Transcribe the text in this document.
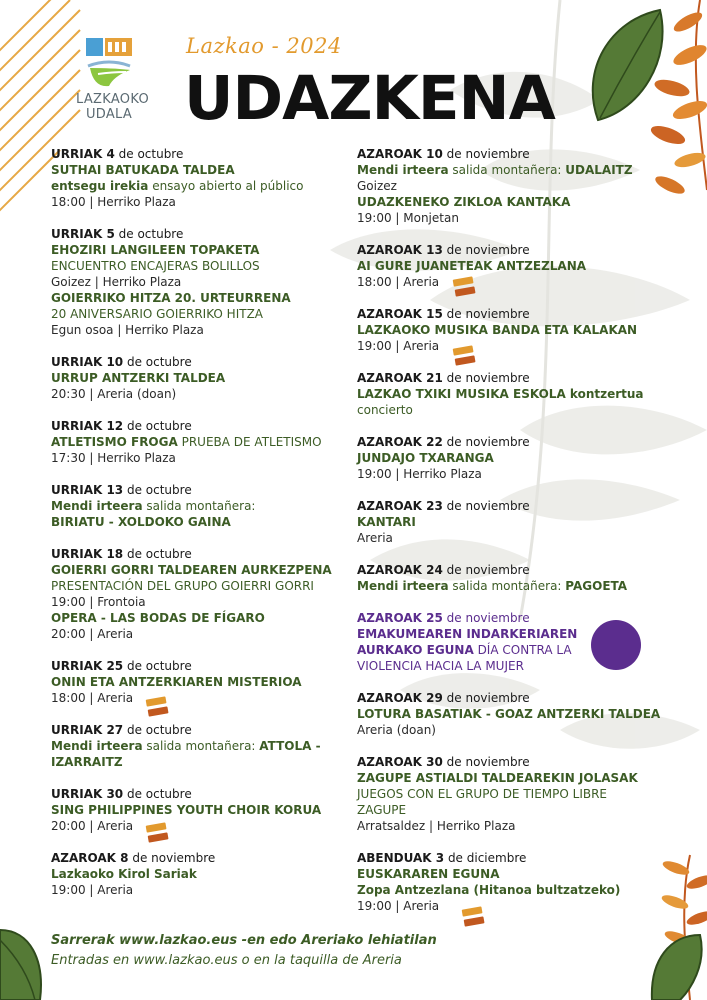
LAZKAOKO
UDALA
Lazkao - 2024
UDAZKENA
URRIAK 4 de octubre
SUTHAI BATUKADA TALDEA
entsegu irekia ensayo abierto al público
18:00 | Herriko Plaza
URRIAK 5 de octubre
EHOZIRI LANGILEEN TOPAKETA
ENCUENTRO ENCAJERAS BOLILLOS
Goizez | Herriko Plaza
GOIERRIKO HITZA 20. URTEURRENA
20 ANIVERSARIO GOIERRIKO HITZA
Egun osoa | Herriko Plaza
URRIAK 10 de octubre
URRUP ANTZERKI TALDEA
20:30 | Areria (doan)
URRIAK 12 de octubre
ATLETISMO FROGA PRUEBA DE ATLETISMO
17:30 | Herriko Plaza
URRIAK 13 de octubre
Mendi irteera salida montañera:
BIRIATU - XOLDOKO GAINA
URRIAK 18 de octubre
GOIERRI GORRI TALDEAREN AURKEZPENA
PRESENTACIÓN DEL GRUPO GOIERRI GORRI
19:00 | Frontoia
OPERA - LAS BODAS DE FÍGARO
20:00 | Areria
URRIAK 25 de octubre
ONIN ETA ANTZERKIAREN MISTERIOA
18:00 | Areria
URRIAK 27 de octubre
Mendi irteera salida montañera: ATTOLA -
IZARRAITZ
URRIAK 30 de octubre
SING PHILIPPINES YOUTH CHOIR KORUA
20:00 | Areria
AZAROAK 8 de noviembre
Lazkaoko Kirol Sariak
19:00 | Areria
AZAROAK 10 de noviembre
Mendi irteera salida montañera: UDALAITZ
Goizez
UDAZKENEKO ZIKLOA KANTAKA
19:00 | Monjetan
AZAROAK 13 de noviembre
AI GURE JUANETEAK ANTZEZLANA
18:00 | Areria
AZAROAK 15 de noviembre
LAZKAOKO MUSIKA BANDA ETA KALAKAN
19:00 | Areria
AZAROAK 21 de noviembre
LAZKAO TXIKI MUSIKA ESKOLA kontzertua
concierto
AZAROAK 22 de noviembre
JUNDAJO TXARANGA
19:00 | Herriko Plaza
AZAROAK 23 de noviembre
KANTARI
Areria
AZAROAK 24 de noviembre
Mendi irteera salida montañera: PAGOETA
AZAROAK 25 de noviembre
EMAKUMEAREN INDARKERIAREN
AURKAKO EGUNA DÍA CONTRA LA
VIOLENCIA HACIA LA MUJER
AZAROAK 29 de noviembre
LOTURA BASATIAK - GOAZ ANTZERKI TALDEA
Areria (doan)
AZAROAK 30 de noviembre
ZAGUPE ASTIALDI TALDEAREKIN JOLASAK
JUEGOS CON EL GRUPO DE TIEMPO LIBRE
ZAGUPE
Arratsaldez | Herriko Plaza
ABENDUAK 3 de diciembre
EUSKARAREN EGUNA
Zopa Antzezlana (Hitanoa bultzatzeko)
19:00 | Areria
Sarrerak www.lazkao.eus -en edo Areriako lehiatilan
Entradas en www.lazkao.eus o en la taquilla de Areria
